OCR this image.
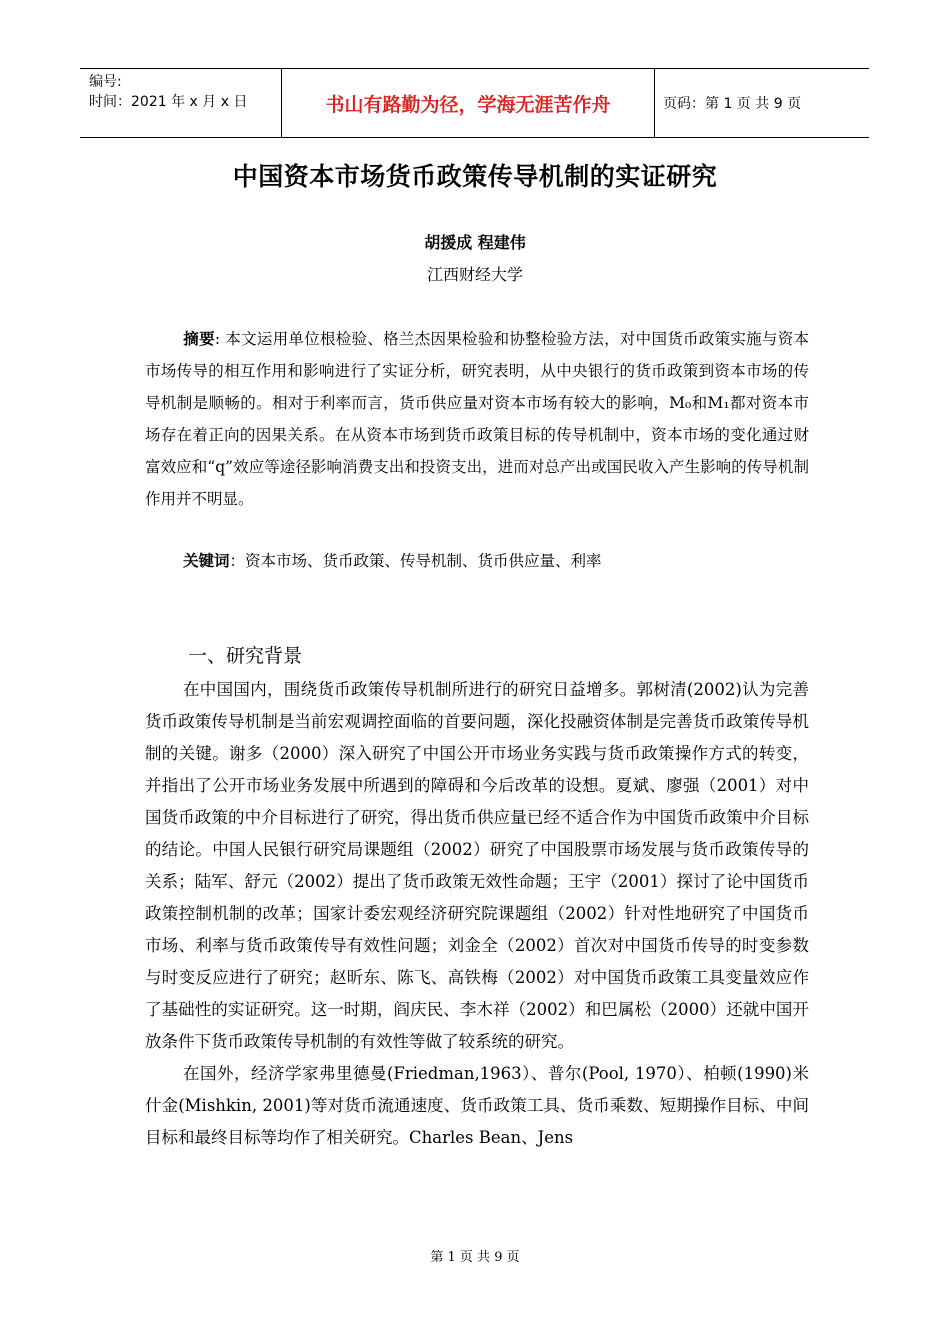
编号:
时间：2021 年 x 月 x 日	书山有路勤为径，学海无涯苦作舟	页码：第 1 页 共 9 页
中国资本市场货币政策传导机制的实证研究
胡援成 程建伟
江西财经大学
摘要: 本文运用单位根检验、格兰杰因果检验和协整检验方法，对中国货币政策实施与资本市场传导的相互作用和影响进行了实证分析，研究表明，从中央银行的货币政策到资本市场的传导机制是顺畅的。相对于利率而言，货币供应量对资本市场有较大的影响，M₀和M₁都对资本市场存在着正向的因果关系。在从资本市场到货币政策目标的传导机制中，资本市场的变化通过财富效应和“q”效应等途径影响消费支出和投资支出，进而对总产出或国民收入产生影响的传导机制作用并不明显。
关键词：资本市场、货币政策、传导机制、货币供应量、利率
一、研究背景

在中国国内，围绕货币政策传导机制所进行的研究日益增多。郭树清(2002)认为完善货币政策传导机制是当前宏观调控面临的首要问题，深化投融资体制是完善货币政策传导机制的关键。谢多（2000）深入研究了中国公开市场业务实践与货币政策操作方式的转变，并指出了公开市场业务发展中所遇到的障碍和今后改革的设想。夏斌、廖强（2001）对中国货币政策的中介目标进行了研究，得出货币供应量已经不适合作为中国货币政策中介目标的结论。中国人民银行研究局课题组（2002）研究了中国股票市场发展与货币政策传导的关系；陆军、舒元（2002）提出了货币政策无效性命题；王宇（2001）探讨了论中国货币政策控制机制的改革；国家计委宏观经济研究院课题组（2002）针对性地研究了中国货币市场、利率与货币政策传导有效性问题；刘金全（2002）首次对中国货币传导的时变参数与时变反应进行了研究；赵昕东、陈飞、高铁梅（2002）对中国货币政策工具变量效应作了基础性的实证研究。这一时期，阎庆民、李木祥（2002）和巴属松（2000）还就中国开放条件下货币政策传导机制的有效性等做了较系统的研究。

在国外，经济学家弗里德曼(Friedman,1963）、普尔(Pool, 1970）、柏顿(1990)米什金(Mishkin, 2001)等对货币流通速度、货币政策工具、货币乘数、短期操作目标、中间目标和最终目标等均作了相关研究。Charles Bean、Jens

第 1 页 共 9 页
